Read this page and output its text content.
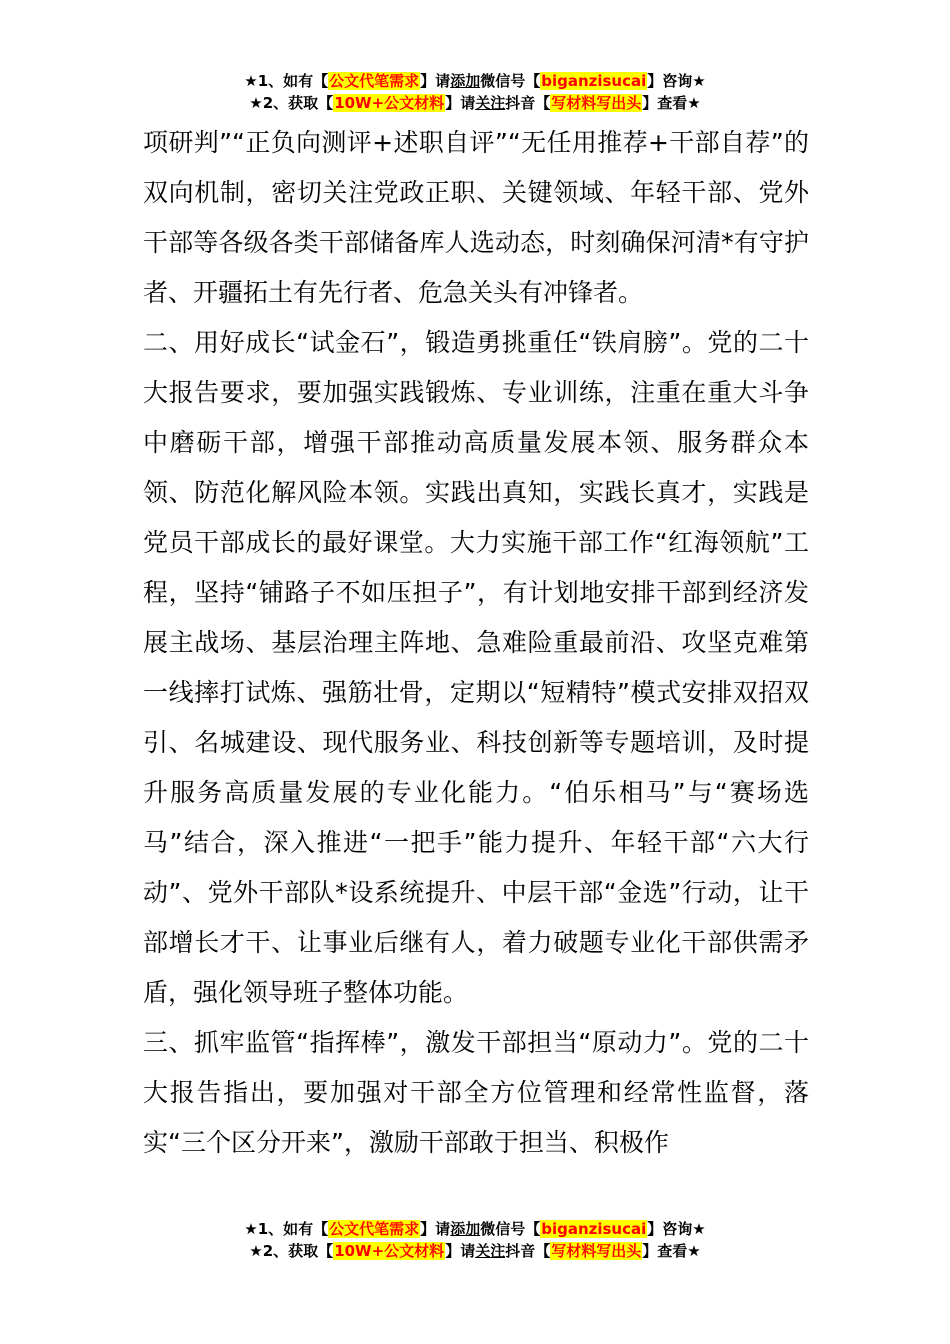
★1、如有【公文代笔需求】请添加微信号【biganzisucai】咨询★
★2、获取【10W+公文材料】请关注抖音【写材料写出头】查看★

项研判”“正负向测评+述职自评”“无任用推荐+干部自荐”的双向机制，密切关注党政正职、关键领域、年轻干部、党外干部等各级各类干部储备库人选动态，时刻确保河清*有守护者、开疆拓土有先行者、危急关头有冲锋者。

二、用好成长“试金石”，锻造勇挑重任“铁肩膀”。党的二十大报告要求，要加强实践锻炼、专业训练，注重在重大斗争中磨砺干部，增强干部推动高质量发展本领、服务群众本领、防范化解风险本领。实践出真知，实践长真才，实践是党员干部成长的最好课堂。大力实施干部工作“红海领航”工程，坚持“铺路子不如压担子”，有计划地安排干部到经济发展主战场、基层治理主阵地、急难险重最前沿、攻坚克难第一线摔打试炼、强筋壮骨，定期以“短精特”模式安排双招双引、名城建设、现代服务业、科技创新等专题培训，及时提升服务高质量发展的专业化能力。“伯乐相马”与“赛场选马”结合，深入推进“一把手”能力提升、年轻干部“六大行动”、党外干部队*设系统提升、中层干部“金选”行动，让干部增长才干、让事业后继有人，着力破题专业化干部供需矛盾，强化领导班子整体功能。

三、抓牢监管“指挥棒”，激发干部担当“原动力”。党的二十大报告指出，要加强对干部全方位管理和经常性监督，落实“三个区分开来”，激励干部敢于担当、积极作

★1、如有【公文代笔需求】请添加微信号【biganzisucai】咨询★
★2、获取【10W+公文材料】请关注抖音【写材料写出头】查看★
